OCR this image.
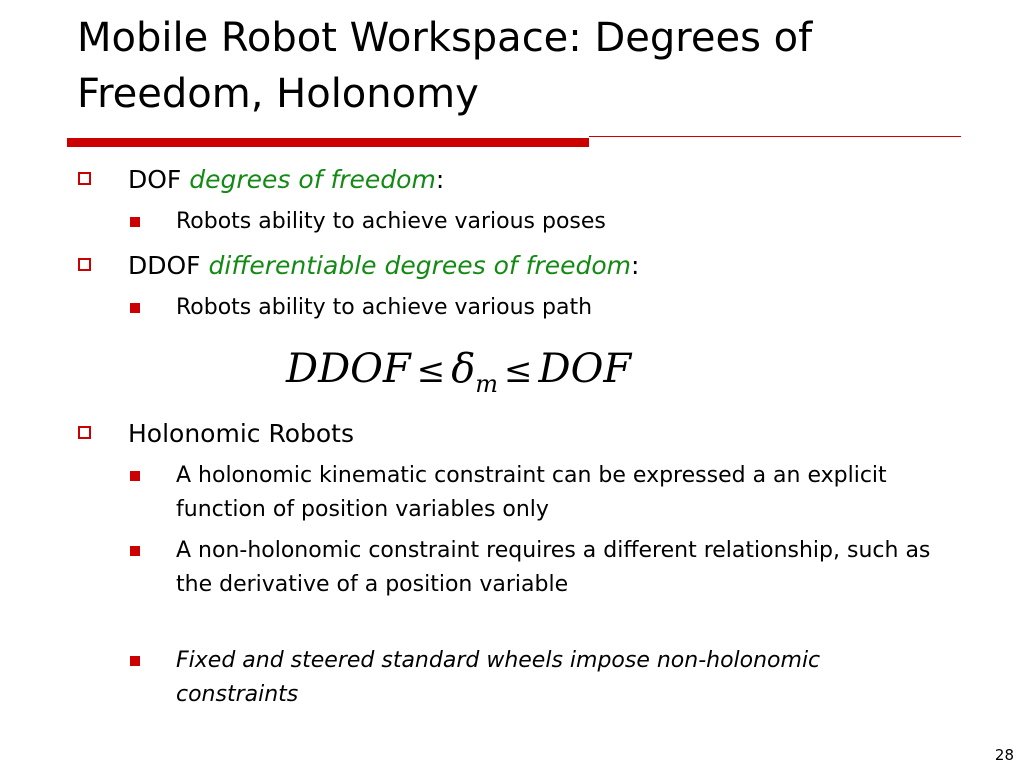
Mobile Robot Workspace: Degrees of Freedom, Holonomy
DOF degrees of freedom:
Robots ability to achieve various poses
DDOF differentiable degrees of freedom:
Robots ability to achieve various path
DDOF ≤ $\delta_m$ ≤ DOF
Holonomic Robots
A holonomic kinematic constraint can be expressed a an explicit function of position variables only
A non-holonomic constraint requires a different relationship, such as the derivative of a position variable
Fixed and steered standard wheels impose non-holonomic constraints
28
